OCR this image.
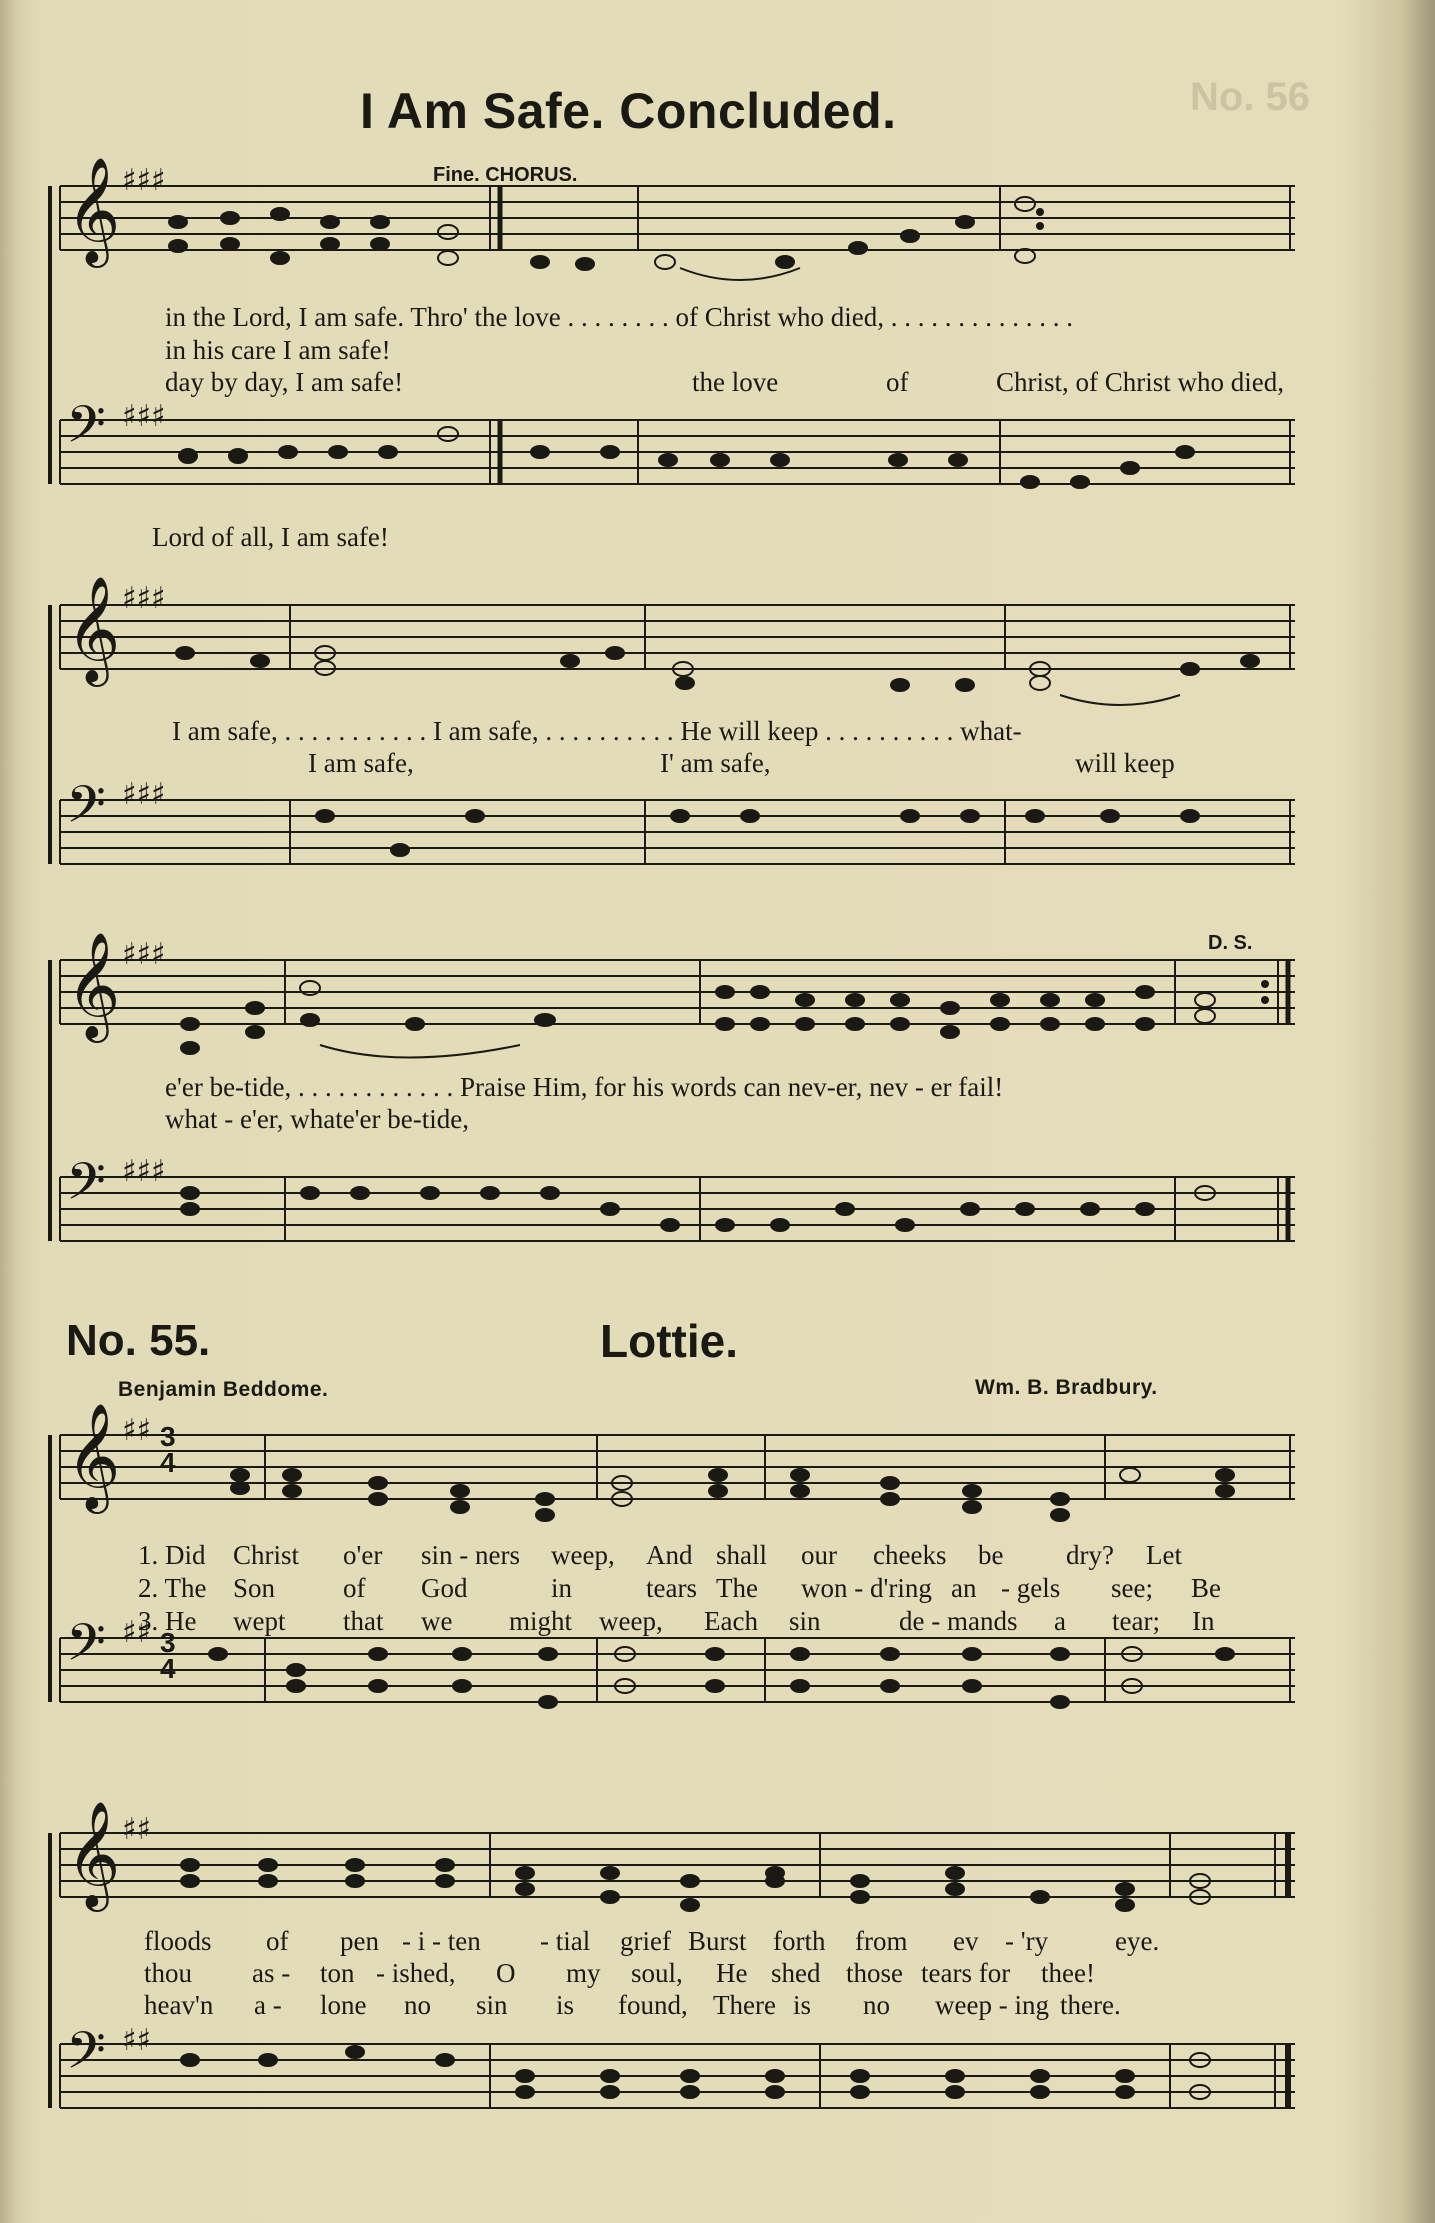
No. 56
I Am Safe. Concluded.
Fine. CHORUS.
𝄞
𝄢
♯♯♯
♯♯♯
in the Lord, I am safe. Thro' the love . . . . . . . . of Christ who died, . . . . . . . . . . . . . .
in his care I am safe!
day by day, I am safe!	the love	of	Christ, of Christ who died,
Lord of all, I am safe!
𝄞
𝄢
♯♯♯
♯♯♯
I am safe, . . . . . . . . . . . I am safe, . . . . . . . . . . He will keep . . . . . . . . . . what-
I am safe,	I' am safe,	will keep
𝄞
𝄢
♯♯♯
♯♯♯
D. S.
e'er be-tide, . . . . . . . . . . . . Praise Him, for his words can nev-er, nev - er fail!
what - e'er, whate'er be-tide,
No. 55.	Lottie.
Benjamin Beddome.	Wm. B. Bradbury.
𝄞
𝄢
♯♯
♯♯
3
4
3
4
1. Did	Christ	o'er	sin - ners	weep,	And shall	our	cheeks	be	dry?	Let
2. The Son	of	God	in	tears The	won - d'ring an - gels	see;	Be
3. He	wept	that	we	might weep,	Each	sin	de - mands	a	tear;	In
𝄞
𝄢
♯♯
♯♯
floods	of	pen - i - ten	- tial	grief Burst forth	from	ev - 'ry	eye.
thou	as -	ton - ished,	O	my	soul,	He shed those tears for	thee!
heav'n	a -	lone	no	sin	is	found, There is	no	weep - ing there.
